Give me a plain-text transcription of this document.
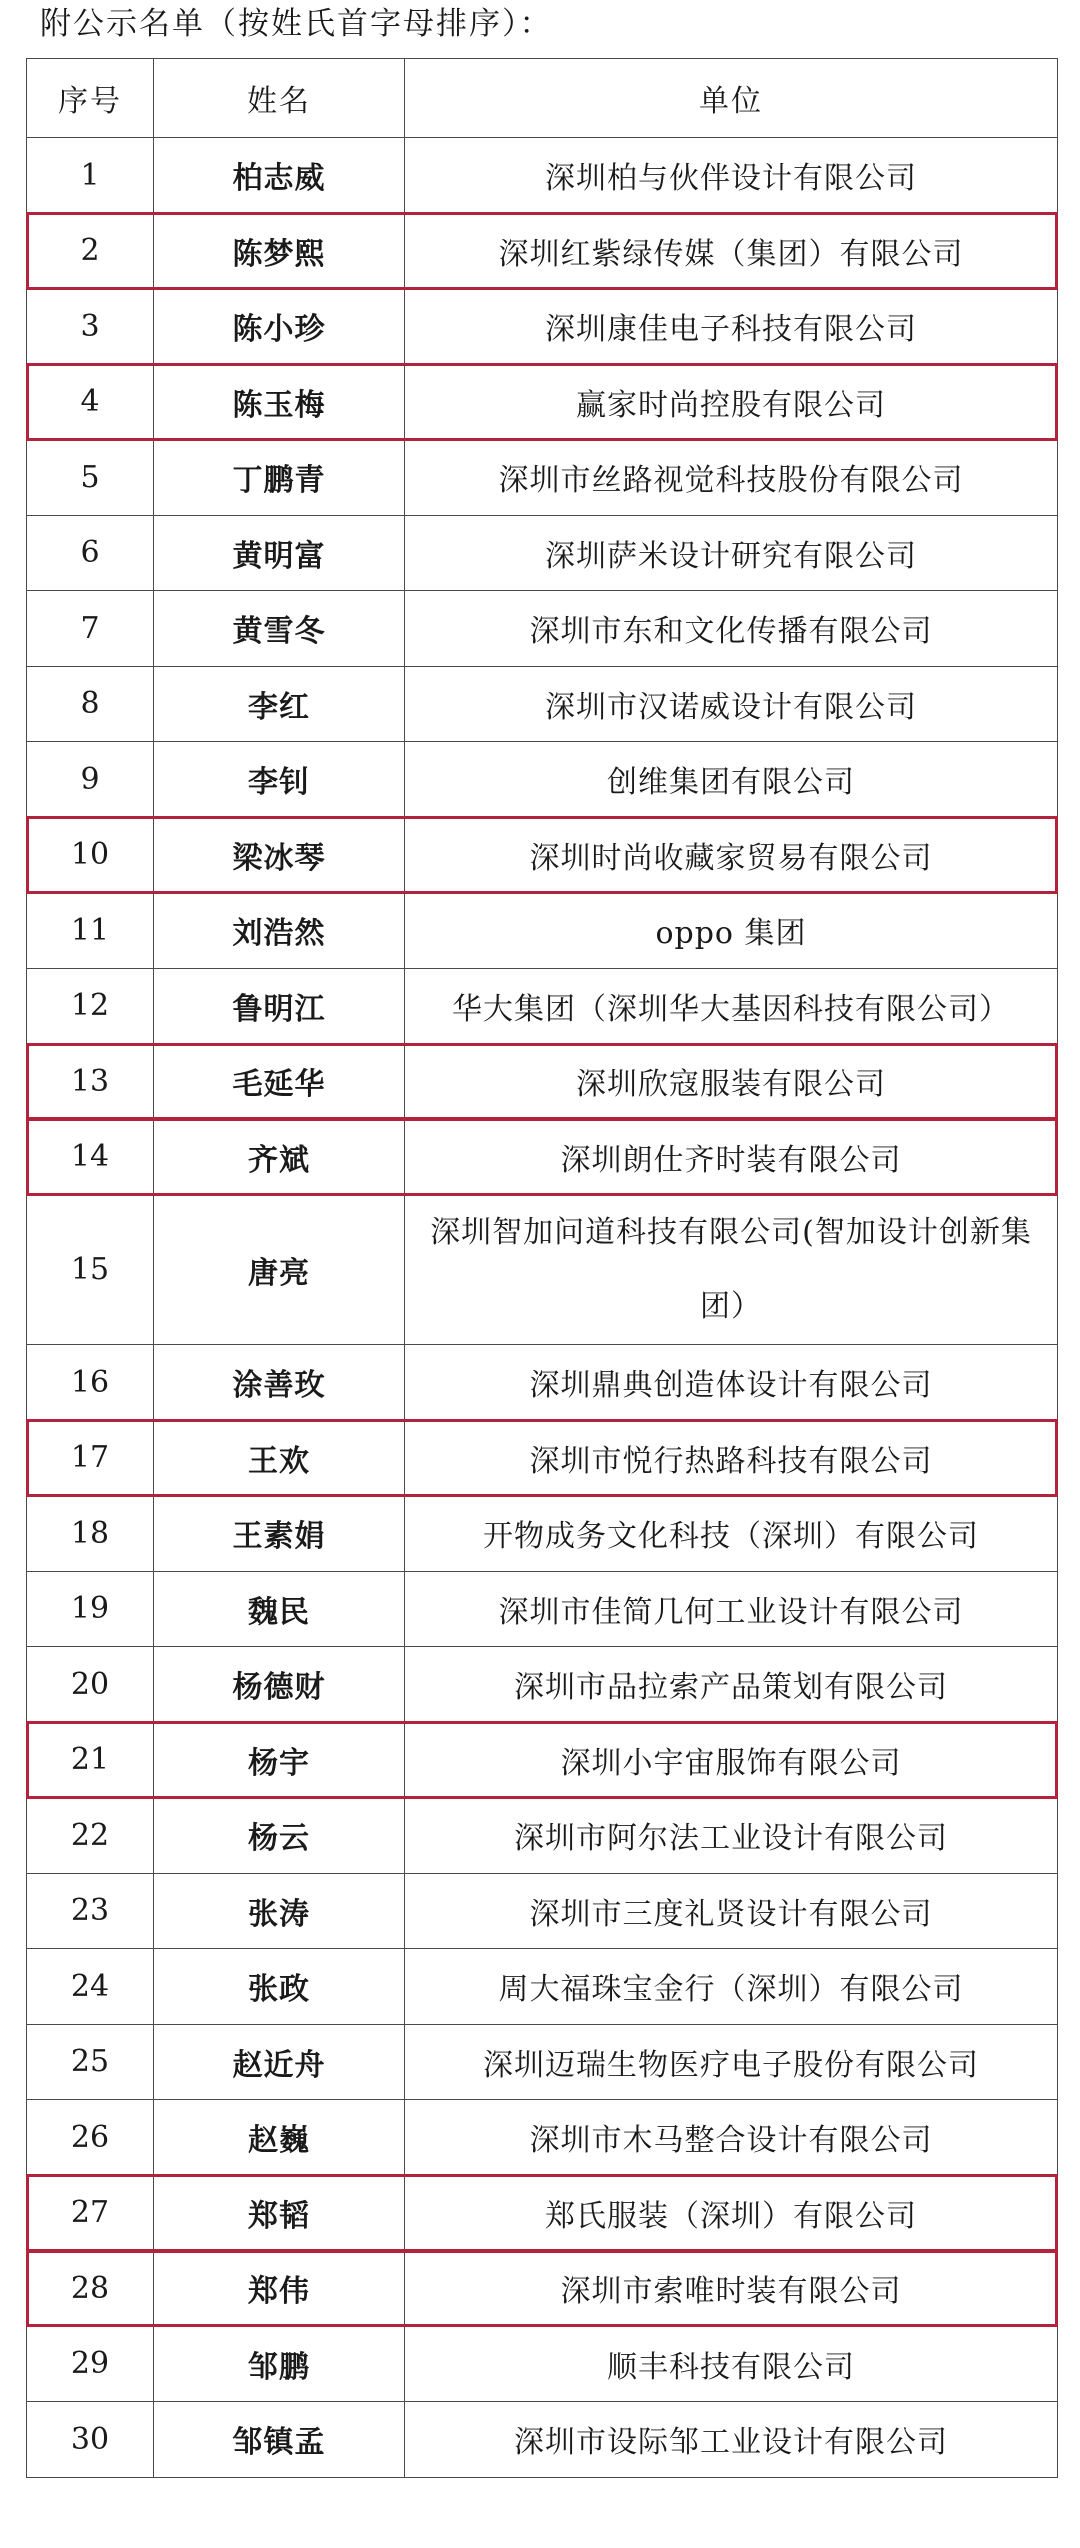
附公示名单（按姓氏首字母排序）：
序号	姓名	单位
1	柏志威	深圳柏与伙伴设计有限公司
2	陈梦熙	深圳红紫绿传媒（集团）有限公司
3	陈小珍	深圳康佳电子科技有限公司
4	陈玉梅	赢家时尚控股有限公司
5	丁鹏青	深圳市丝路视觉科技股份有限公司
6	黄明富	深圳萨米设计研究有限公司
7	黄雪冬	深圳市东和文化传播有限公司
8	李红	深圳市汉诺威设计有限公司
9	李钊	创维集团有限公司
10	梁冰琴	深圳时尚收藏家贸易有限公司
11	刘浩然	oppo 集团
12	鲁明江	华大集团（深圳华大基因科技有限公司）
13	毛延华	深圳欣寇服装有限公司
14	齐斌	深圳朗仕齐时装有限公司
15	唐亮	深圳智加问道科技有限公司(智加设计创新集团）
16	涂善玫	深圳鼎典创造体设计有限公司
17	王欢	深圳市悦行热路科技有限公司
18	王素娟	开物成务文化科技（深圳）有限公司
19	魏民	深圳市佳简几何工业设计有限公司
20	杨德财	深圳市品拉索产品策划有限公司
21	杨宇	深圳小宇宙服饰有限公司
22	杨云	深圳市阿尔法工业设计有限公司
23	张涛	深圳市三度礼贤设计有限公司
24	张政	周大福珠宝金行（深圳）有限公司
25	赵近舟	深圳迈瑞生物医疗电子股份有限公司
26	赵巍	深圳市木马整合设计有限公司
27	郑韬	郑氏服装（深圳）有限公司
28	郑伟	深圳市索唯时装有限公司
29	邹鹏	顺丰科技有限公司
30	邹镇孟	深圳市设际邹工业设计有限公司
